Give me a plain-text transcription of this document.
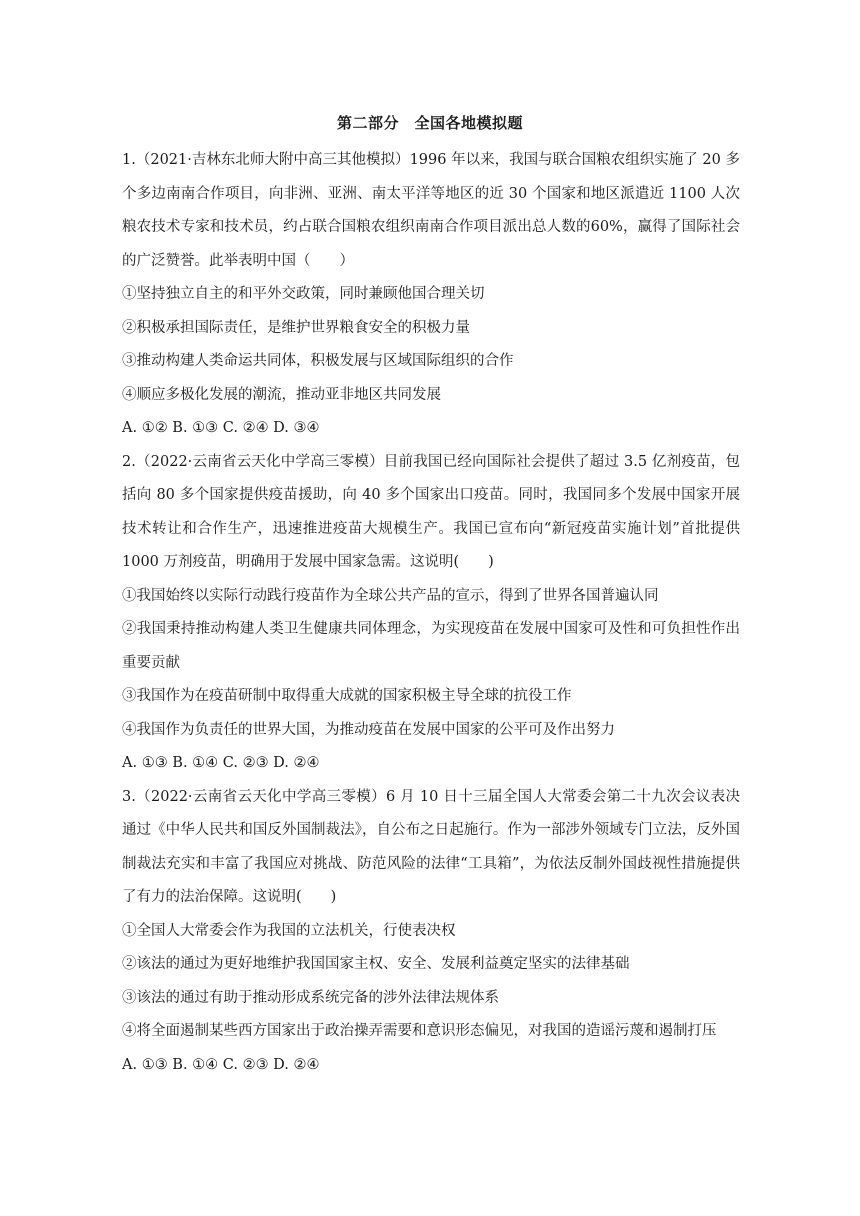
第二部分　全国各地模拟题
1.（2021·吉林东北师大附中高三其他模拟）1996 年以来，我国与联合国粮农组织实施了 20 多个多边南南合作项目，向非洲、亚洲、南太平洋等地区的近 30 个国家和地区派遣近 1100 人次粮农技术专家和技术员，约占联合国粮农组织南南合作项目派出总人数的60%，赢得了国际社会的广泛赞誉。此举表明中国（　　）
①坚持独立自主的和平外交政策，同时兼顾他国合理关切
②积极承担国际责任，是维护世界粮食安全的积极力量
③推动构建人类命运共同体，积极发展与区域国际组织的合作
④顺应多极化发展的潮流，推动亚非地区共同发展
A. ①② B. ①③ C. ②④ D. ③④
2.（2022·云南省云天化中学高三零模）目前我国已经向国际社会提供了超过 3.5 亿剂疫苗，包括向 80 多个国家提供疫苗援助，向 40 多个国家出口疫苗。同时，我国同多个发展中国家开展技术转让和合作生产，迅速推进疫苗大规模生产。我国已宣布向“新冠疫苗实施计划”首批提供 1000 万剂疫苗，明确用于发展中国家急需。这说明(　　)
①我国始终以实际行动践行疫苗作为全球公共产品的宣示，得到了世界各国普遍认同
②我国秉持推动构建人类卫生健康共同体理念，为实现疫苗在发展中国家可及性和可负担性作出重要贡献
③我国作为在疫苗研制中取得重大成就的国家积极主导全球的抗役工作
④我国作为负责任的世界大国，为推动疫苗在发展中国家的公平可及作出努力
A. ①③ B. ①④ C. ②③ D. ②④
3.（2022·云南省云天化中学高三零模）6 月 10 日十三届全国人大常委会第二十九次会议表决通过《中华人民共和国反外国制裁法》，自公布之日起施行。作为一部涉外领域专门立法，反外国制裁法充实和丰富了我国应对挑战、防范风险的法律“工具箱”，为依法反制外国歧视性措施提供了有力的法治保障。这说明(　　)
①全国人大常委会作为我国的立法机关，行使表决权
②该法的通过为更好地维护我国国家主权、安全、发展利益奠定坚实的法律基础
③该法的通过有助于推动形成系统完备的涉外法律法规体系
④将全面遏制某些西方国家出于政治操弄需要和意识形态偏见，对我国的造谣污蔑和遏制打压
A. ①③ B. ①④ C. ②③ D. ②④
